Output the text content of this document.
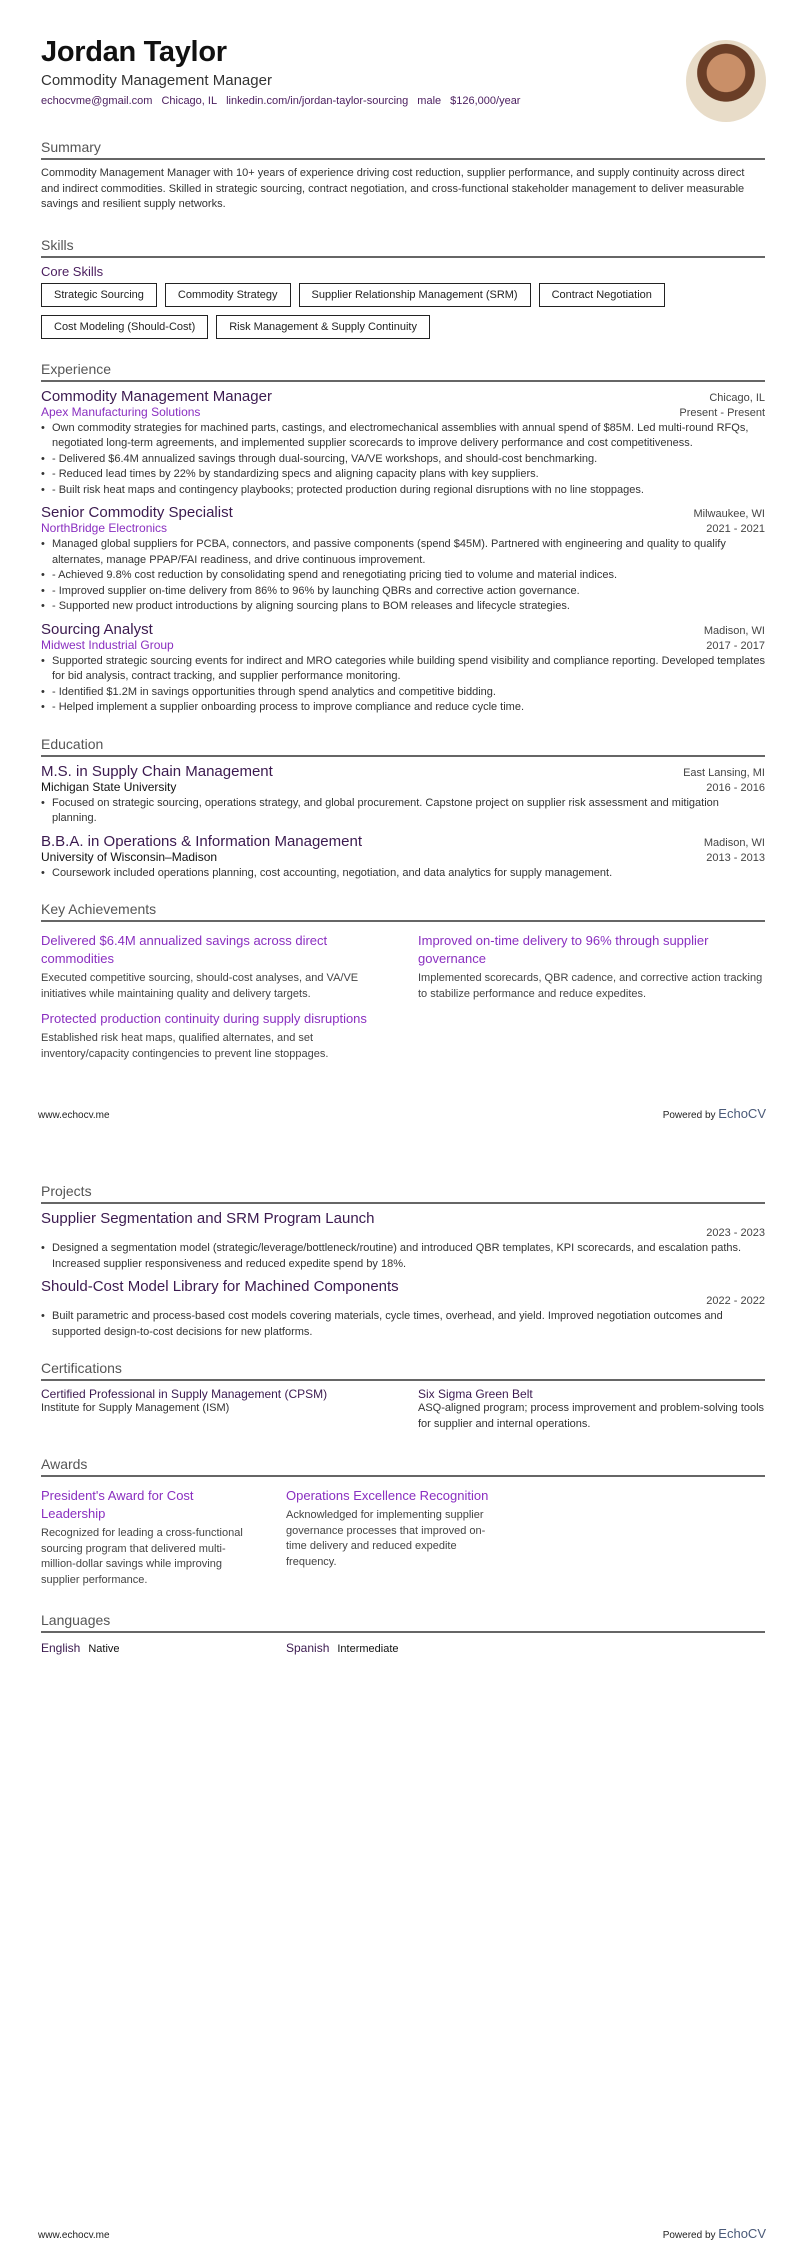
Jordan Taylor
Commodity Management Manager
echocvme@gmail.com Chicago, IL linkedin.com/in/jordan-taylor-sourcing male $126,000/year
Summary
Commodity Management Manager with 10+ years of experience driving cost reduction, supplier performance, and supply continuity across direct and indirect commodities. Skilled in strategic sourcing, contract negotiation, and cross-functional stakeholder management to deliver measurable savings and resilient supply networks.
Skills
Core Skills
Strategic Sourcing	Commodity Strategy	Supplier Relationship Management (SRM)	Contract Negotiation
Cost Modeling (Should-Cost)	Risk Management & Supply Continuity
Experience
Commodity Management Manager	Chicago, IL
Apex Manufacturing Solutions	Present - Present
• Own commodity strategies for machined parts, castings, and electromechanical assemblies with annual spend of $85M. Led multi-round RFQs, negotiated long-term agreements, and implemented supplier scorecards to improve delivery performance and cost competitiveness.
• - Delivered $6.4M annualized savings through dual-sourcing, VA/VE workshops, and should-cost benchmarking.
• - Reduced lead times by 22% by standardizing specs and aligning capacity plans with key suppliers.
• - Built risk heat maps and contingency playbooks; protected production during regional disruptions with no line stoppages.
Senior Commodity Specialist	Milwaukee, WI
NorthBridge Electronics	2021 - 2021
• Managed global suppliers for PCBA, connectors, and passive components (spend $45M). Partnered with engineering and quality to qualify alternates, manage PPAP/FAI readiness, and drive continuous improvement.
• - Achieved 9.8% cost reduction by consolidating spend and renegotiating pricing tied to volume and material indices.
• - Improved supplier on-time delivery from 86% to 96% by launching QBRs and corrective action governance.
• - Supported new product introductions by aligning sourcing plans to BOM releases and lifecycle strategies.
Sourcing Analyst	Madison, WI
Midwest Industrial Group	2017 - 2017
• Supported strategic sourcing events for indirect and MRO categories while building spend visibility and compliance reporting. Developed templates for bid analysis, contract tracking, and supplier performance monitoring.
• - Identified $1.2M in savings opportunities through spend analytics and competitive bidding.
• - Helped implement a supplier onboarding process to improve compliance and reduce cycle time.
Education
M.S. in Supply Chain Management	East Lansing, MI
Michigan State University	2016 - 2016
• Focused on strategic sourcing, operations strategy, and global procurement. Capstone project on supplier risk assessment and mitigation planning.
B.B.A. in Operations & Information Management	Madison, WI
University of Wisconsin–Madison	2013 - 2013
• Coursework included operations planning, cost accounting, negotiation, and data analytics for supply management.
Key Achievements
Delivered $6.4M annualized savings across direct commodities
Executed competitive sourcing, should-cost analyses, and VA/VE initiatives while maintaining quality and delivery targets.
Improved on-time delivery to 96% through supplier governance
Implemented scorecards, QBR cadence, and corrective action tracking to stabilize performance and reduce expedites.
Protected production continuity during supply disruptions
Established risk heat maps, qualified alternates, and set inventory/capacity contingencies to prevent line stoppages.
www.echocv.me	Powered by EchoCV
Projects
Supplier Segmentation and SRM Program Launch
2023 - 2023
• Designed a segmentation model (strategic/leverage/bottleneck/routine) and introduced QBR templates, KPI scorecards, and escalation paths. Increased supplier responsiveness and reduced expedite spend by 18%.
Should-Cost Model Library for Machined Components
2022 - 2022
• Built parametric and process-based cost models covering materials, cycle times, overhead, and yield. Improved negotiation outcomes and supported design-to-cost decisions for new platforms.
Certifications
Certified Professional in Supply Management (CPSM)
Institute for Supply Management (ISM)
Six Sigma Green Belt
ASQ-aligned program; process improvement and problem-solving tools for supplier and internal operations.
Awards
President's Award for Cost Leadership
Recognized for leading a cross-functional sourcing program that delivered multi-million-dollar savings while improving supplier performance.
Operations Excellence Recognition
Acknowledged for implementing supplier governance processes that improved on-time delivery and reduced expedite frequency.
Languages
English Native	Spanish Intermediate
www.echocv.me	Powered by EchoCV
